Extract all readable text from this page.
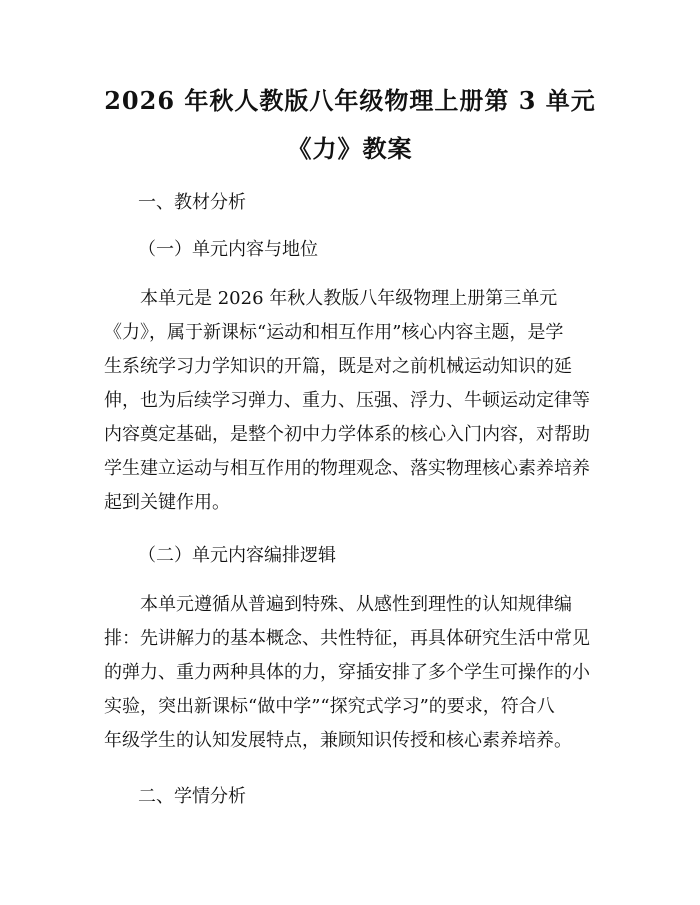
2026 年秋人教版八年级物理上册第 3 单元
《力》教案
一、教材分析
（一）单元内容与地位
本单元是 2026 年秋人教版八年级物理上册第三单元
《力》，属于新课标“运动和相互作用”核心内容主题，是学
生系统学习力学知识的开篇，既是对之前机械运动知识的延
伸，也为后续学习弹力、重力、压强、浮力、牛顿运动定律等
内容奠定基础，是整个初中力学体系的核心入门内容，对帮助
学生建立运动与相互作用的物理观念、落实物理核心素养培养
起到关键作用。
（二）单元内容编排逻辑
本单元遵循从普遍到特殊、从感性到理性的认知规律编
排：先讲解力的基本概念、共性特征，再具体研究生活中常见
的弹力、重力两种具体的力，穿插安排了多个学生可操作的小
实验，突出新课标“做中学”“探究式学习”的要求，符合八
年级学生的认知发展特点，兼顾知识传授和核心素养培养。
二、学情分析
